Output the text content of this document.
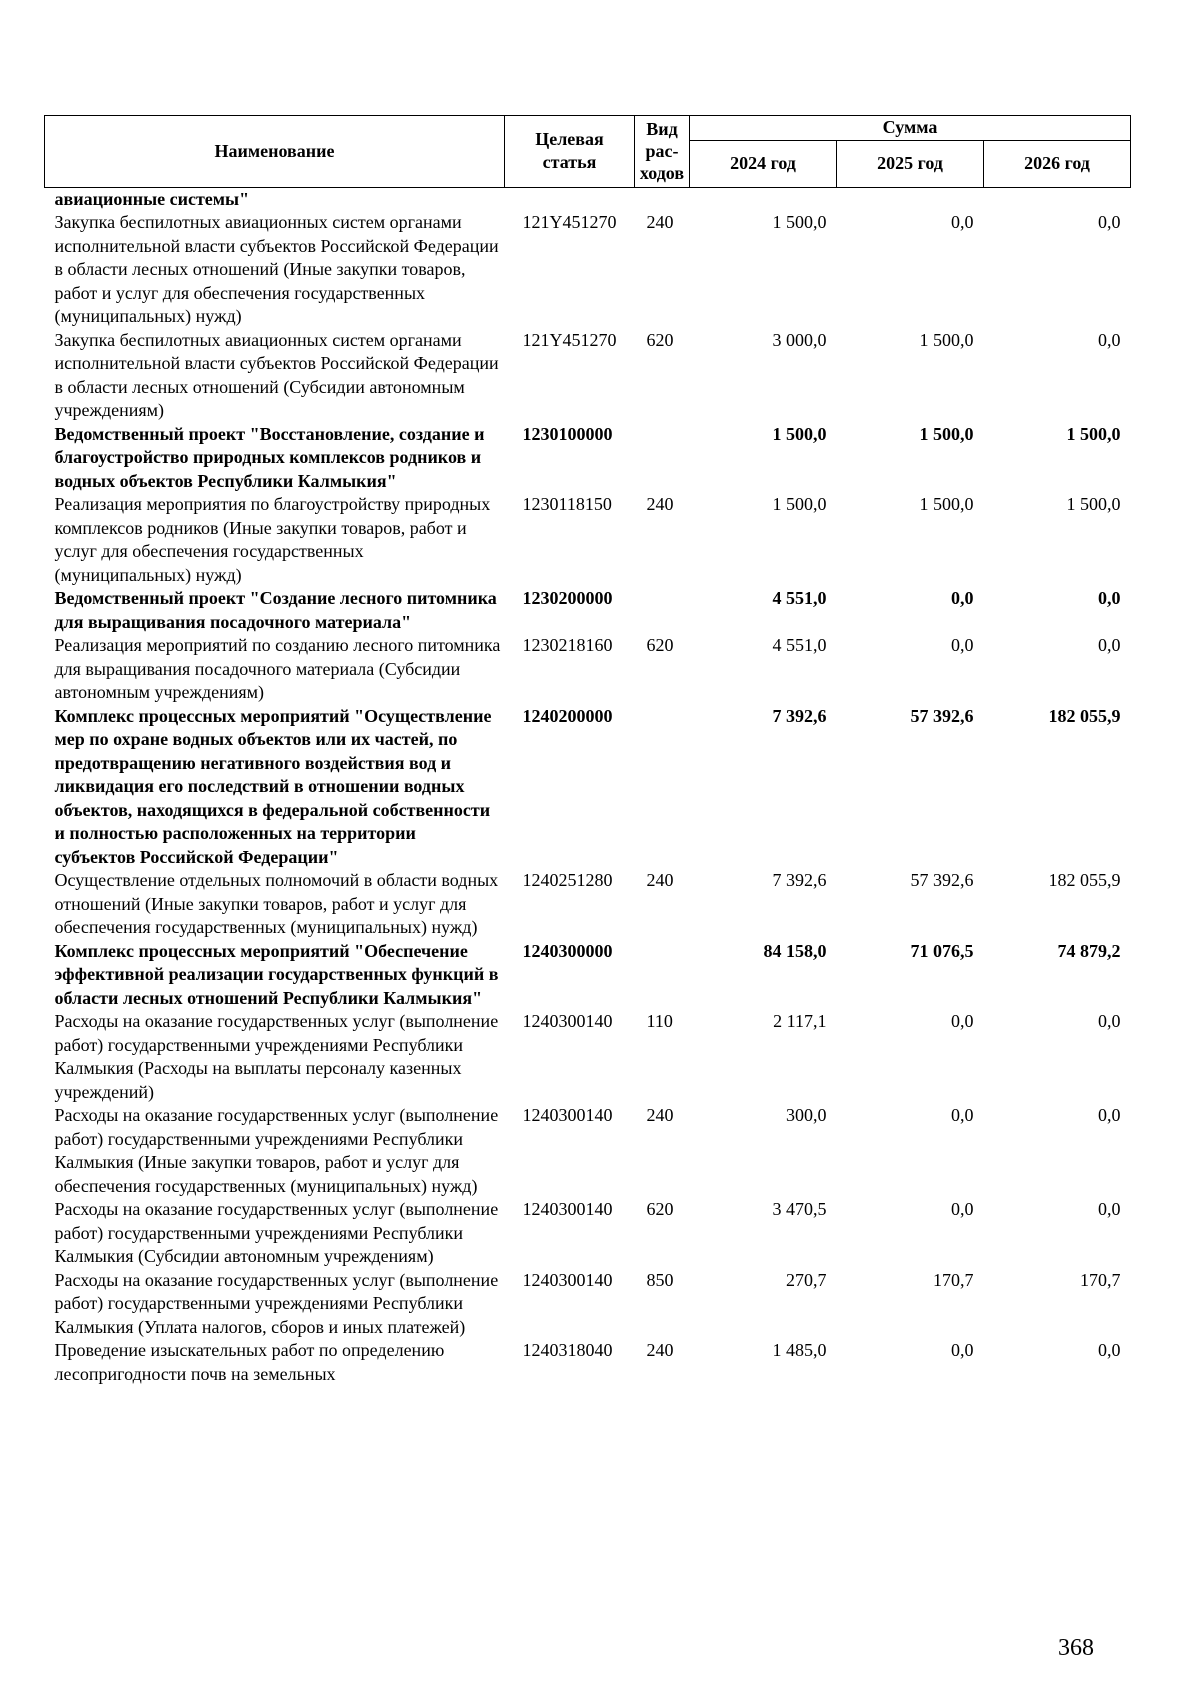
Наименование	Целевая статья	Вид рас-ходов	Сумма		
			2024 год	2025 год	2026 год
авиационные системы"					
Закупка беспилотных авиационных систем органами исполнительной власти субъектов Российской Федерации в области лесных отношений (Иные закупки товаров, работ и услуг для обеспечения государственных (муниципальных) нужд)	121Y451270	240	1 500,0	0,0	0,0
Закупка беспилотных авиационных систем органами исполнительной власти субъектов Российской Федерации в области лесных отношений (Субсидии автономным учреждениям)	121Y451270	620	3 000,0	1 500,0	0,0
Ведомственный проект "Восстановление, создание и благоустройство природных комплексов родников и водных объектов Республики Калмыкия"	1230100000		1 500,0	1 500,0	1 500,0
Реализация мероприятия по благоустройству природных комплексов родников (Иные закупки товаров, работ и услуг для обеспечения государственных (муниципальных) нужд)	1230118150	240	1 500,0	1 500,0	1 500,0
Ведомственный проект "Создание лесного питомника для выращивания посадочного материала"	1230200000		4 551,0	0,0	0,0
Реализация мероприятий по созданию лесного питомника для выращивания посадочного материала (Субсидии автономным учреждениям)	1230218160	620	4 551,0	0,0	0,0
Комплекс процессных мероприятий "Осуществление мер по охране водных объектов или их частей, по предотвращению негативного воздействия вод и ликвидация его последствий в отношении водных объектов, находящихся в федеральной собственности и полностью расположенных на территории субъектов Российской Федерации"	1240200000		7 392,6	57 392,6	182 055,9
Осуществление отдельных полномочий в области водных отношений (Иные закупки товаров, работ и услуг для обеспечения государственных (муниципальных) нужд)	1240251280	240	7 392,6	57 392,6	182 055,9
Комплекс процессных мероприятий "Обеспечение эффективной реализации государственных функций в области лесных отношений Республики Калмыкия"	1240300000		84 158,0	71 076,5	74 879,2
Расходы на оказание государственных услуг (выполнение работ) государственными учреждениями Республики Калмыкия (Расходы на выплаты персоналу казенных учреждений)	1240300140	110	2 117,1	0,0	0,0
Расходы на оказание государственных услуг (выполнение работ) государственными учреждениями Республики Калмыкия (Иные закупки товаров, работ и услуг для обеспечения государственных (муниципальных) нужд)	1240300140	240	300,0	0,0	0,0
Расходы на оказание государственных услуг (выполнение работ) государственными учреждениями Республики Калмыкия (Субсидии автономным учреждениям)	1240300140	620	3 470,5	0,0	0,0
Расходы на оказание государственных услуг (выполнение работ) государственными учреждениями Республики Калмыкия (Уплата налогов, сборов и иных платежей)	1240300140	850	270,7	170,7	170,7
Проведение изыскательных работ по определению лесопригодности почв на земельных	1240318040	240	1 485,0	0,0	0,0
368
